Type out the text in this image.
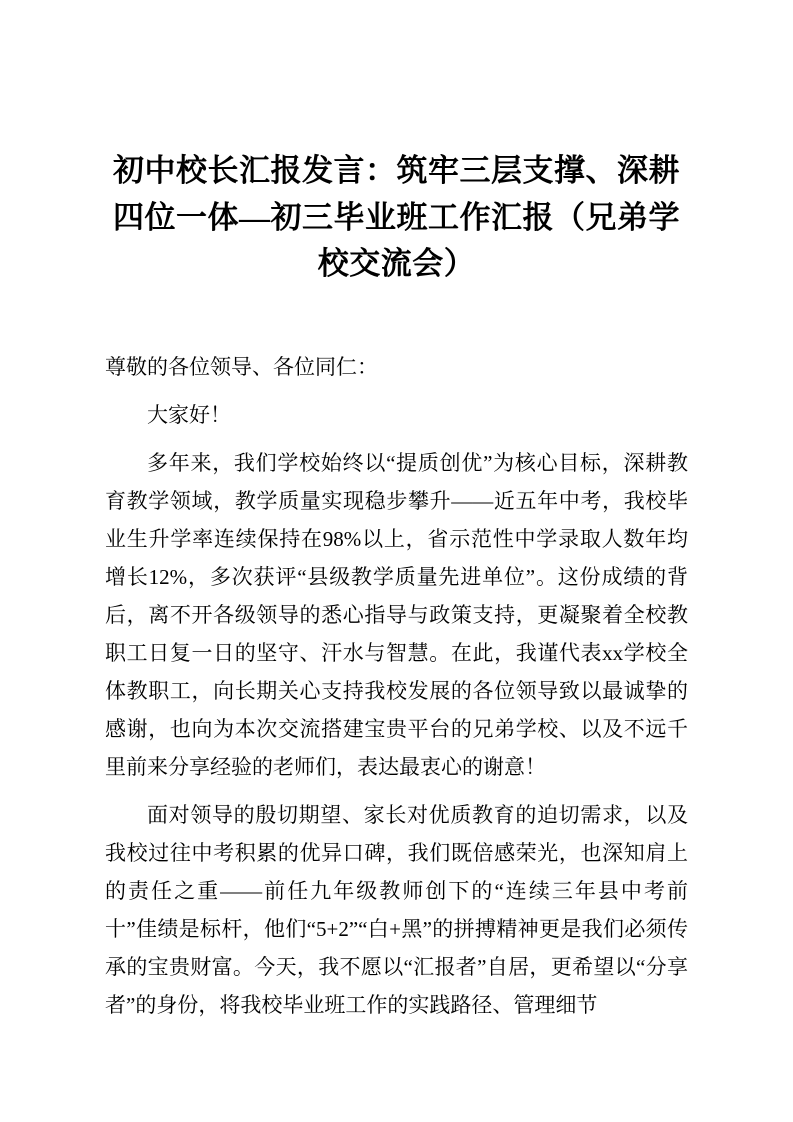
初中校长汇报发言：筑牢三层支撑、深耕四位一体—初三毕业班工作汇报（兄弟学校交流会）

尊敬的各位领导、各位同仁：

大家好！

多年来，我们学校始终以“提质创优”为核心目标，深耕教育教学领域，教学质量实现稳步攀升——近五年中考，我校毕业生升学率连续保持在98%以上，省示范性中学录取人数年均增长12%，多次获评“县级教学质量先进单位”。这份成绩的背后，离不开各级领导的悉心指导与政策支持，更凝聚着全校教职工日复一日的坚守、汗水与智慧。在此，我谨代表xx学校全体教职工，向长期关心支持我校发展的各位领导致以最诚挚的感谢，也向为本次交流搭建宝贵平台的兄弟学校、以及不远千里前来分享经验的老师们，表达最衷心的谢意！

面对领导的殷切期望、家长对优质教育的迫切需求，以及我校过往中考积累的优异口碑，我们既倍感荣光，也深知肩上的责任之重——前任九年级教师创下的“连续三年县中考前十”佳绩是标杆，他们“5+2”“白+黑”的拼搏精神更是我们必须传承的宝贵财富。今天，我不愿以“汇报者”自居，更希望以“分享者”的身份，将我校毕业班工作的实践路径、管理细节
